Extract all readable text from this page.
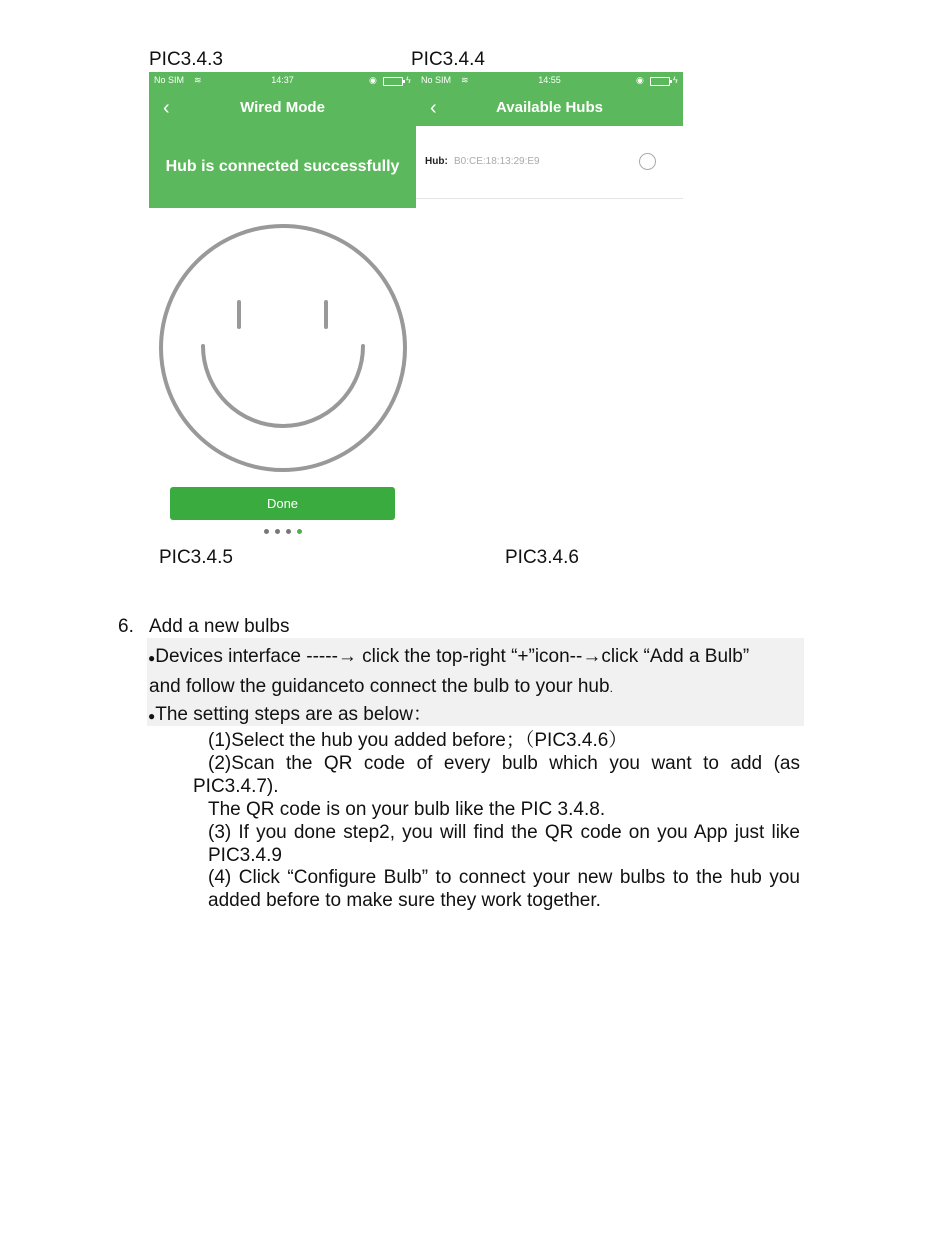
PIC3.4.3	PIC3.4.4
No SIM ≋	14:37	◉	ϟ
‹	Wired Mode
Hub is connected successfully
Done
No SIM ≋	14:55	◉	ϟ
‹	Available Hubs
Hub: B0:CE:18:13:29:E9
PIC3.4.5	PIC3.4.6
6. Add a new bulbs
●Devices interface -----→ click the top-right “+”icon--→click “Add a Bulb”
and follow the guidanceto connect the bulb to your hub.
●The setting steps are as below：
(1)Select the hub you added before；（PIC3.4.6）
(2)Scan the QR code of every bulb which you want to add (as
PIC3.4.7).
The QR code is on your bulb like the PIC 3.4.8.
(3) If you done step2, you will find the QR code on you App just like
PIC3.4.9
(4) Click “Configure Bulb” to connect your new bulbs to the hub you
added before to make sure they work together.
